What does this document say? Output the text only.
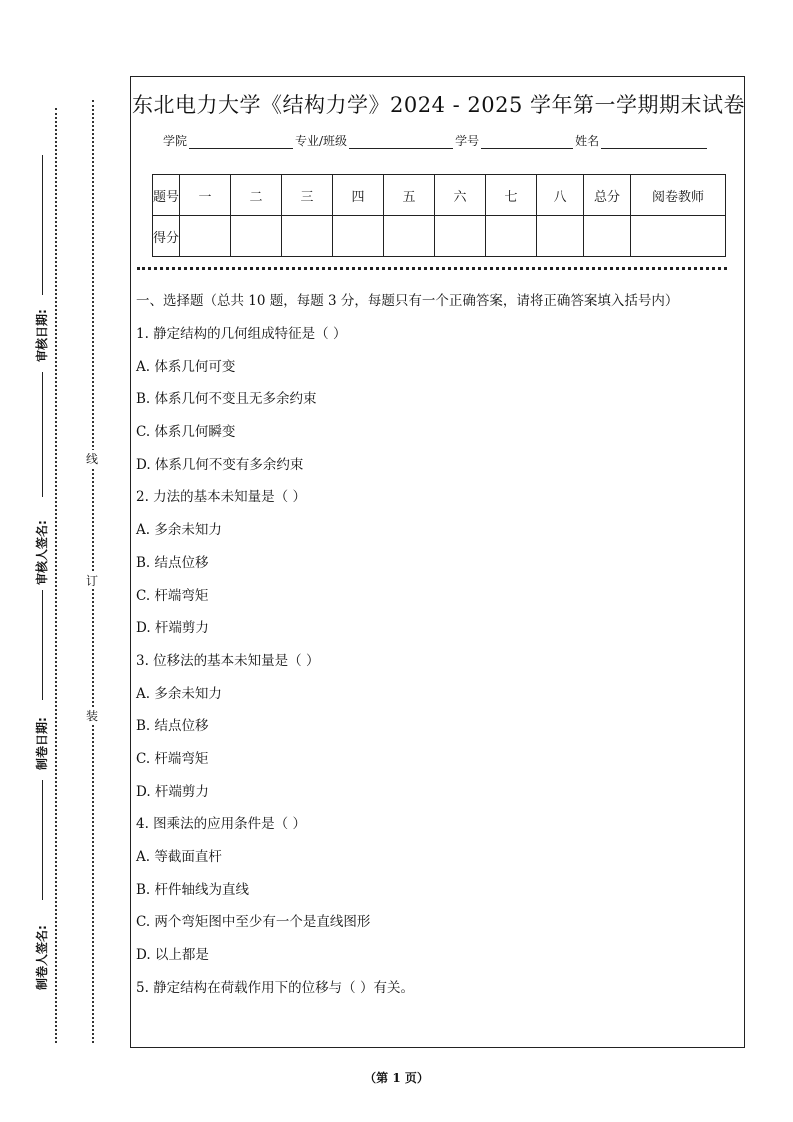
审核日期:
审核人签名:
制卷日期:
制卷人签名:
线
订
装
东北电力大学《结构力学》2024 - 2025 学年第一学期期末试卷
学院	专业/班级	学号	姓名
题号	一	二	三	四	五	六	七	八	总分	阅卷教师
得分										
一、选择题（总共 10 题，每题 3 分，每题只有一个正确答案，请将正确答案填入括号内）
1. 静定结构的几何组成特征是（ ）
A. 体系几何可变
B. 体系几何不变且无多余约束
C. 体系几何瞬变
D. 体系几何不变有多余约束
2. 力法的基本未知量是（ ）
A. 多余未知力
B. 结点位移
C. 杆端弯矩
D. 杆端剪力
3. 位移法的基本未知量是（ ）
A. 多余未知力
B. 结点位移
C. 杆端弯矩
D. 杆端剪力
4. 图乘法的应用条件是（ ）
A. 等截面直杆
B. 杆件轴线为直线
C. 两个弯矩图中至少有一个是直线图形
D. 以上都是
5. 静定结构在荷载作用下的位移与（ ）有关。
（第 1 页）
